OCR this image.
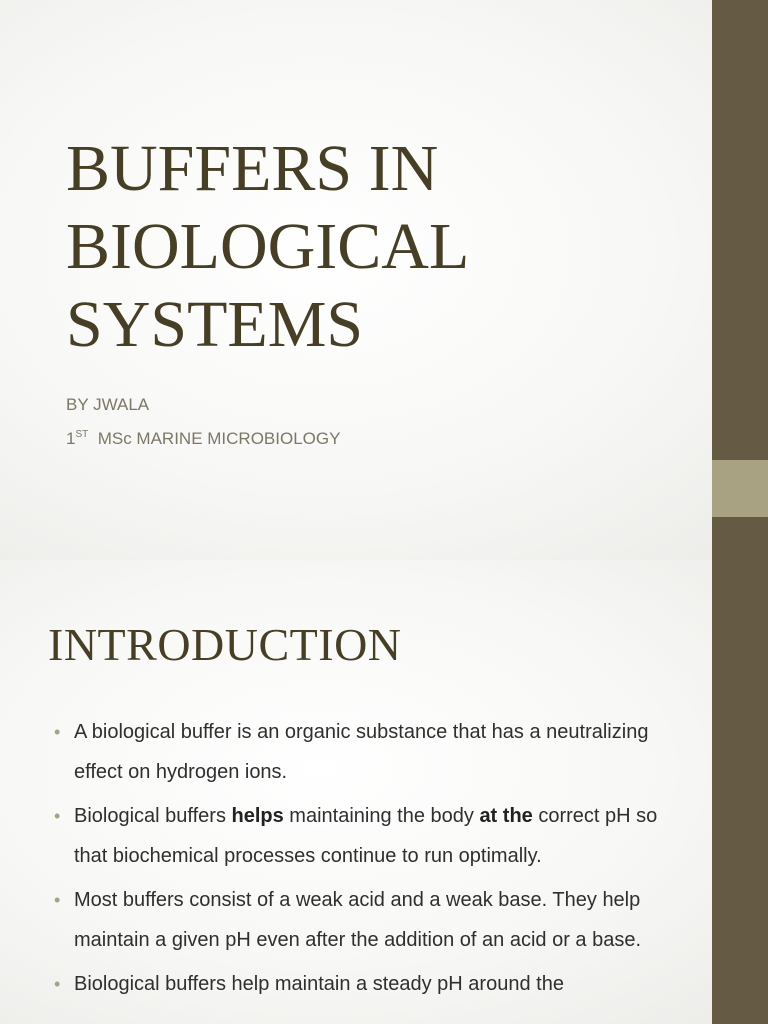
BUFFERS IN BIOLOGICAL SYSTEMS
BY JWALA
1ST MSc MARINE MICROBIOLOGY
INTRODUCTION
• A biological buffer is an organic substance that has a neutralizing effect on hydrogen ions.
• Biological buffers helps maintaining the body at the correct pH so that biochemical processes continue to run optimally.
• Most buffers consist of a weak acid and a weak base. They help maintain a given pH even after the addition of an acid or a base.
• Biological buffers help maintain a steady pH around the
